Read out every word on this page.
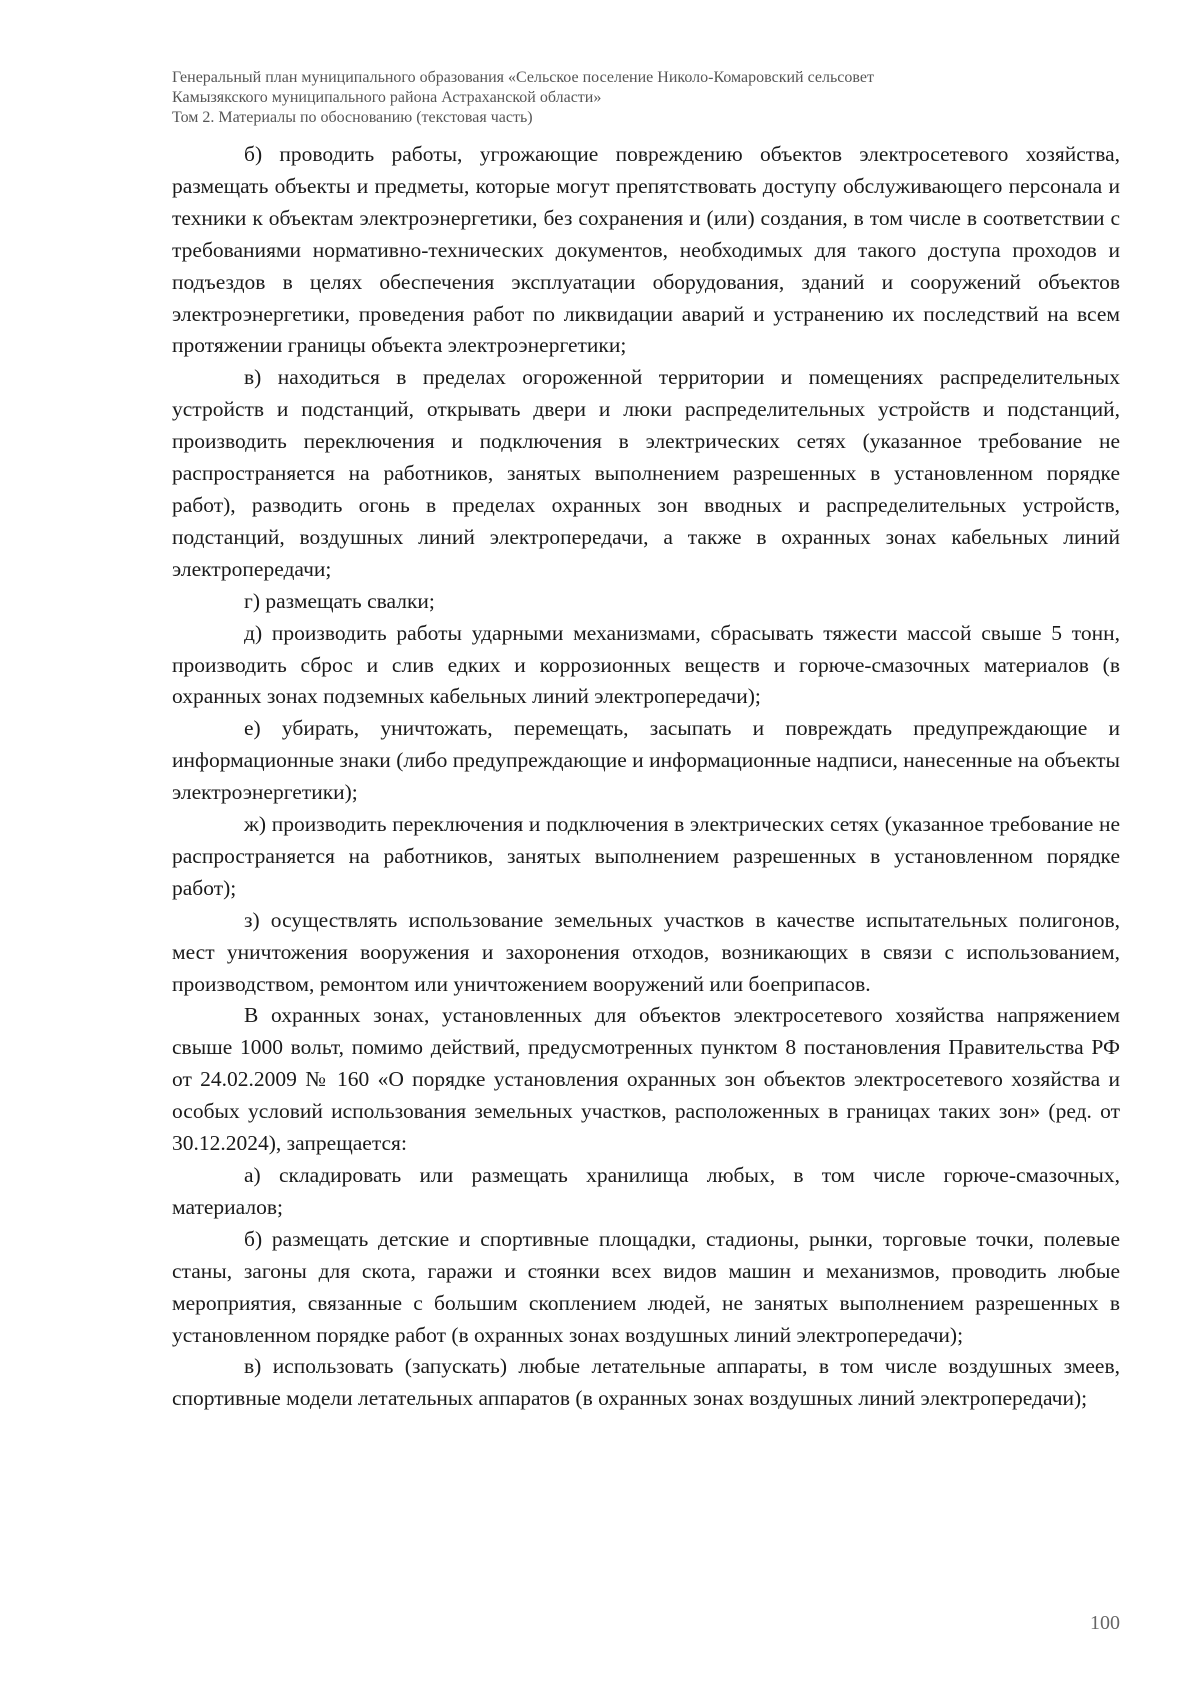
Генеральный план муниципального образования «Сельское поселение Николо-Комаровский сельсовет
Камызякского муниципального района Астраханской области»
Том 2. Материалы по обоснованию (текстовая часть)

б) проводить работы, угрожающие повреждению объектов электросетевого хозяйства, размещать объекты и предметы, которые могут препятствовать доступу обслуживающего персонала и техники к объектам электроэнергетики, без сохранения и (или) создания, в том числе в соответствии с требованиями нормативно-технических документов, необходимых для такого доступа проходов и подъездов в целях обеспечения эксплуатации оборудования, зданий и сооружений объектов электроэнергетики, проведения работ по ликвидации аварий и устранению их последствий на всем протяжении границы объекта электроэнергетики;

в) находиться в пределах огороженной территории и помещениях распределительных устройств и подстанций, открывать двери и люки распределительных устройств и подстанций, производить переключения и подключения в электрических сетях (указанное требование не распространяется на работников, занятых выполнением разрешенных в установленном порядке работ), разводить огонь в пределах охранных зон вводных и распределительных устройств, подстанций, воздушных линий электропередачи, а также в охранных зонах кабельных линий электропередачи;

г) размещать свалки;

д) производить работы ударными механизмами, сбрасывать тяжести массой свыше 5 тонн, производить сброс и слив едких и коррозионных веществ и горюче-смазочных материалов (в охранных зонах подземных кабельных линий электропередачи);

е) убирать, уничтожать, перемещать, засыпать и повреждать предупреждающие и информационные знаки (либо предупреждающие и информационные надписи, нанесенные на объекты электроэнергетики);

ж) производить переключения и подключения в электрических сетях (указанное требование не распространяется на работников, занятых выполнением разрешенных в установленном порядке работ);

з) осуществлять использование земельных участков в качестве испытательных полигонов, мест уничтожения вооружения и захоронения отходов, возникающих в связи с использованием, производством, ремонтом или уничтожением вооружений или боеприпасов.

В охранных зонах, установленных для объектов электросетевого хозяйства напряжением свыше 1000 вольт, помимо действий, предусмотренных пунктом 8 постановления Правительства РФ от 24.02.2009 № 160 «О порядке установления охранных зон объектов электросетевого хозяйства и особых условий использования земельных участков, расположенных в границах таких зон» (ред. от 30.12.2024), запрещается:

а) складировать или размещать хранилища любых, в том числе горюче-смазочных, материалов;

б) размещать детские и спортивные площадки, стадионы, рынки, торговые точки, полевые станы, загоны для скота, гаражи и стоянки всех видов машин и механизмов, проводить любые мероприятия, связанные с большим скоплением людей, не занятых выполнением разрешенных в установленном порядке работ (в охранных зонах воздушных линий электропередачи);

в) использовать (запускать) любые летательные аппараты, в том числе воздушных змеев, спортивные модели летательных аппаратов (в охранных зонах воздушных линий электропередачи);

100
